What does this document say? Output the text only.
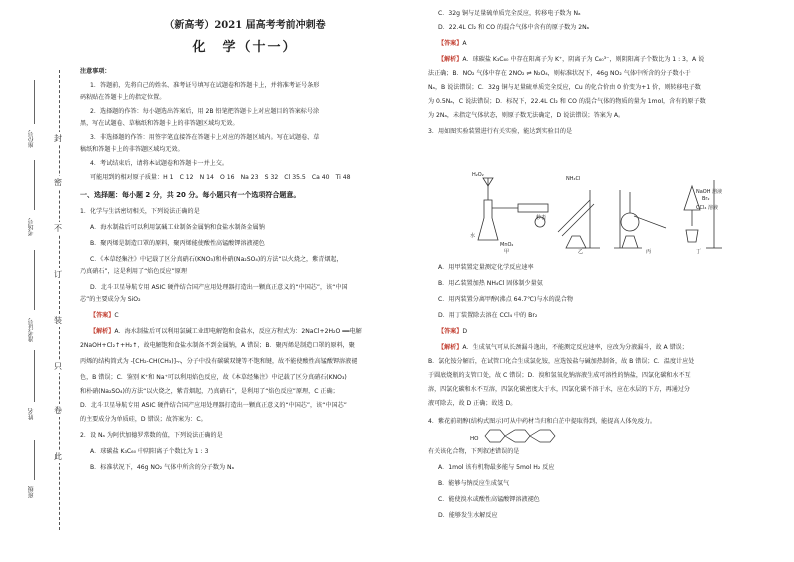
封
密
不
订
装
只
卷
此
座位号
考场号
准考证号
姓名
班级
（新高考）2021 届高考考前冲刺卷
化　学（十一）
注意事项：
1．答题前，先将自己的姓名、准考证号填写在试题卷和答题卡上，并将准考证号条形
码粘贴在答题卡上的指定位置。
2．选择题的作答：每小题选出答案后，用 2B 铅笔把答题卡上对应题目的答案标号涂
黑，写在试题卷、草稿纸和答题卡上的非答题区域均无效。
3．非选择题的作答：用签字笔直接答在答题卡上对应的答题区域内。写在试题卷、草
稿纸和答题卡上的非答题区域均无效。
4．考试结束后，请将本试题卷和答题卡一并上交。
可能用到的相对原子质量：H 1　C 12　N 14　O 16　Na 23　S 32　Cl 35.5　Ca 40　Ti 48
一、选择题：每小题 2 分，共 20 分。每小题只有一个选项符合题意。
1．化学与生活密切相关，下列说法正确的是
A．海水制盐后可以利用氯碱工业制备金属钠和食盐水制备金属钠
B．聚丙烯是制造口罩的原料，聚丙烯能使酸性高锰酸钾溶液褪色
C．《本草经集注》中记载了区分真硝石(KNO₃)和朴硝(Na₂SO₄)的方法“以火烧之，紫青烟起，
乃真硝石”，这是利用了“焰色反应”原理
D．北斗卫星导航专用 ASIC 硬件结合国产应用处理器打造出一颗真正意义的“中国芯”，该“中国
芯”的主要成分为 SiO₂
【答案】C
【解析】A．海水制盐后可以利用氯碱工业即电解饱和食盐水，反应方程式为：2NaCl+2H₂O ══电解
2NaOH+Cl₂↑+H₂↑，故电解饱和食盐水制备不到金属钠，A 错误；B．聚丙烯是制造口罩的原料，聚
丙烯的结构简式为 -[CH₂-CH(CH₃)]-ₙ，分子中没有碳碳双键等不饱和键，故不能使酸性高锰酸钾溶液褪
色，B 错误；C．鉴别 K⁺和 Na⁺可以利用焰色反应，故《本草经集注》中记载了区分真硝石(KNO₃)
和朴硝(Na₂SO₄)的方法“以火烧之，紫青烟起，乃真硝石”，是利用了“焰色反应”原理，C 正确；
D．北斗卫星导航专用 ASIC 硬件结合国产应用处理器打造出一颗真正意义的“中国芯”，该“中国芯”
的主要成分为单质硅，D 错误；故答案为：C。
2．设 Nₐ 为阿伏加德罗常数的值，下列说法正确的是
A．球碳盐 K₃C₆₀ 中阴阳离子个数比为 1 : 3
B．标准状况下，46g NO₂ 气体中所含的分子数为 Nₐ
C．32g 铜与足量硫单质完全反应，转移电子数为 Nₐ
D．22.4L Cl₂ 和 CO 的混合气体中含有的原子数为 2Nₐ
【答案】A
【解析】A．球碳盐 K₃C₆₀ 中存在阳离子为 K⁺，阴离子为 C₆₀³⁻，则阴阳离子个数比为 1 : 3，A 说
法正确；B．NO₂ 气体中存在 2NO₂ ⇌ N₂O₄，则标准状况下，46g NO₂ 气体中所含的分子数小于
Nₐ，B 说法错误；C．32g 铜与足量硫单质完全反应，Cu 的化合价由 0 价变为+1 价，则转移电子数
为 0.5Nₐ，C 说法错误；D．标况下，22.4L Cl₂ 和 CO 的混合气体的物质的量为 1mol，含有的原子数
为 2Nₐ，未指定气体状态，则原子数无法确定，D 说法错误；答案为 A。
3．用如图实验装置进行有关实验，能达到实验目的是
A．用甲装置定量测定化学反应速率
B．用乙装置加热 NH₄Cl 固体制少量氨
C．用丙装置分离甲醇(沸点 64.7℃)与水的混合物
D．用丁装置除去溶在 CCl₄ 中的 Br₂
【答案】D
【解析】A．生成氧气可从长颈漏斗逸出，不能测定反应速率，应改为分液漏斗，故 A 错误；
B．氯化铵分解后，在试管口化合生成氯化铵，应选铵盐与碱加热制备，故 B 错误；C．温度计应处
于圆底烧瓶的支管口处，故 C 错误；D．溴和氢氧化钠溶液生成可溶性的钠盐，四氯化碳和水不互
溶，四氯化碳和水不互溶，四氯化碳密度大于水，四氯化碳不溶于水，应在水层的下方，再通过分
液可除去，故 D 正确；故选 D。
4．紫花前胡醇(结构式图示)可从中药材当归和白芷中提取得到，能提高人体免疫力。
有关该化合物，下列叙述错误的是
A．1mol 该有机物最多能与 5mol H₂ 反应
B．能够与钠反应生成氢气
C．能使溴水或酸性高锰酸钾溶液褪色
D．能够发生水解反应
H₂O₂
NH₄Cl
秒表
MnO₂
甲	乙	丙	丁
水
NaOH 溶液
Br₂
CCl₄ 溶液
HO
